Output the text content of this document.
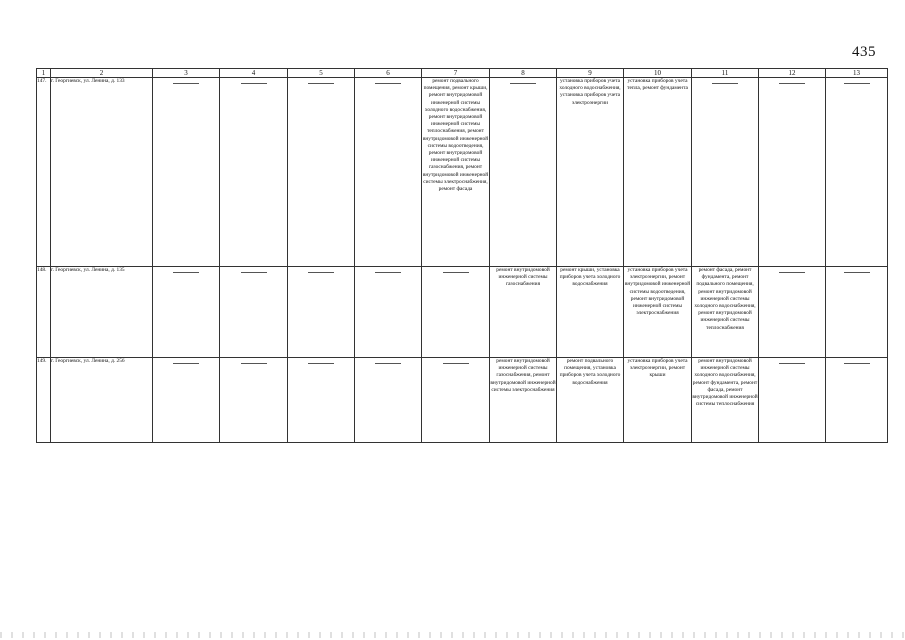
435
1	2	3	4	5	6	7	8	9	10	11	12	13
147.	г. Георгиевск, ул. Ленина, д. 133					ремонт подвального помещения, ремонт крыши, ремонт внутридомовой инженерной системы холодного водоснабжения, ремонт внутридомовой инженерной системы теплоснабжения, ремонт внутридомовой инженерной системы водоотведения, ремонт внутридомовой инженерной системы газоснабжения, ремонт внутридомовой инженерной системы электроснабжения, ремонт фасада		установка приборов учета холодного водоснабжения, установка приборов учета электроэнергии	установка приборов учета тепла, ремонт фундамента	

148.	г. Георгиевск, ул. Ленина, д. 135						ремонт внутридомовой инженерной системы газоснабжения	ремонт крыши, установка приборов учета холодного водоснабжения	установка приборов учета электроэнергии, ремонт внутридомовой инженерной системы водоотведения, ремонт внутридомовой инженерной системы электроснабжения	ремонт фасада, ремонт фундамента, ремонт подвального помещения, ремонт внутридомовой инженерной системы холодного водоснабжения, ремонт внутридомовой инженерной системы теплоснабжения	

149.	г. Георгиевск, ул. Ленина, д. 256						ремонт внутридомовой инженерной системы газоснабжения, ремонт внутридомовой инженерной системы электроснабжения	ремонт подвального помещения, установка приборов учета холодного водоснабжения	установка приборов учета электроэнергии, ремонт крыши	ремонт внутридомовой инженерной системы холодного водоснабжения, ремонт фундамента, ремонт фасада, ремонт внутридомовой инженерной системы теплоснабжения	
